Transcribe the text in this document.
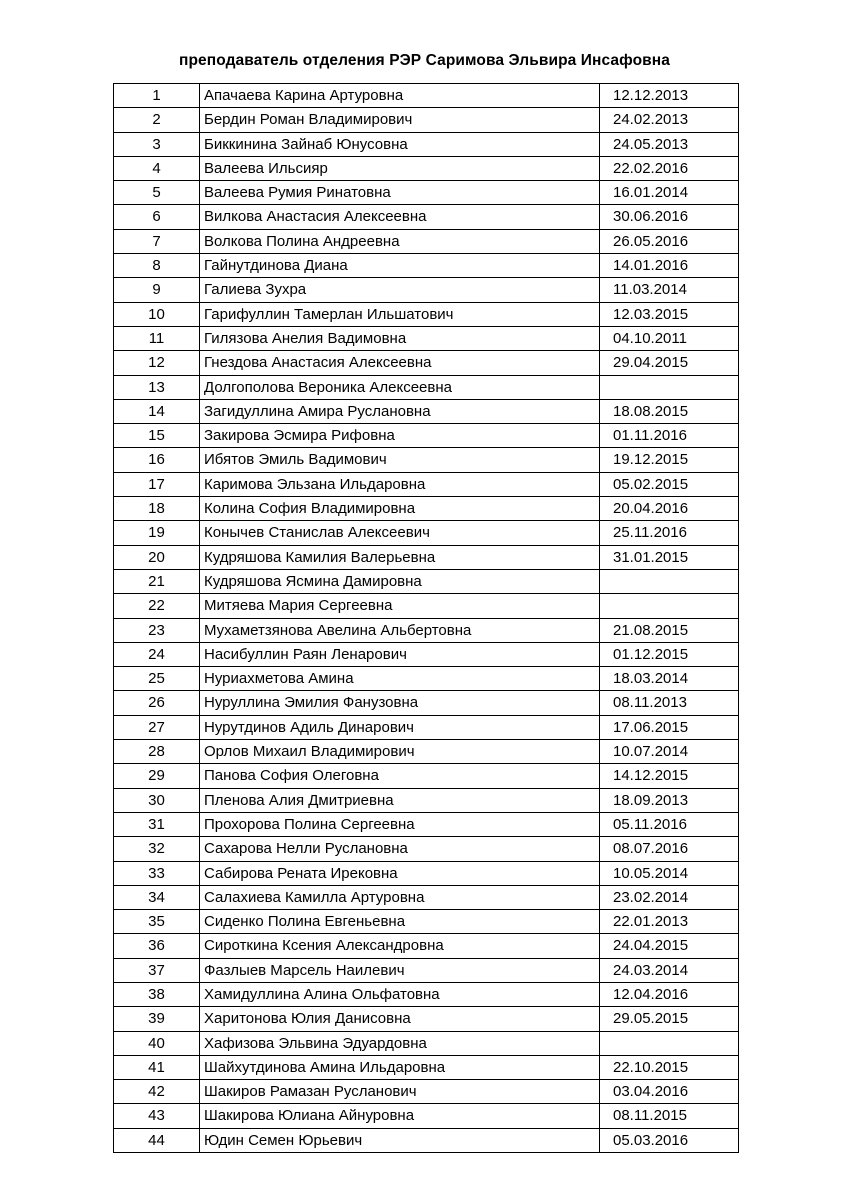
преподаватель отделения РЭР Саримова Эльвира Инсафовна
1	Апачаева Карина Артуровна	12.12.2013
2	Бердин Роман Владимирович	24.02.2013
3	Биккинина Зайнаб Юнусовна	24.05.2013
4	Валеева Ильсияр	22.02.2016
5	Валеева Румия Ринатовна	16.01.2014
6	Вилкова Анастасия Алексеевна	30.06.2016
7	Волкова Полина Андреевна	26.05.2016
8	Гайнутдинова Диана	14.01.2016
9	Галиева Зухра	11.03.2014
10	Гарифуллин Тамерлан Ильшатович	12.03.2015
11	Гилязова Анелия Вадимовна	04.10.2011
12	Гнездова Анастасия Алексеевна	29.04.2015
13	Долгополова Вероника Алексеевна	
14	Загидуллина Амира Руслановна	18.08.2015
15	Закирова Эсмира Рифовна	01.11.2016
16	Ибятов Эмиль Вадимович	19.12.2015
17	Каримова Эльзана Ильдаровна	05.02.2015
18	Колина София Владимировна	20.04.2016
19	Конычев Станислав Алексеевич	25.11.2016
20	Кудряшова Камилия Валерьевна	31.01.2015
21	Кудряшова Ясмина Дамировна	
22	Митяева Мария Сергеевна	
23	Мухаметзянова Авелина Альбертовна	21.08.2015
24	Насибуллин Раян Ленарович	01.12.2015
25	Нуриахметова Амина	18.03.2014
26	Нуруллина Эмилия Фанузовна	08.11.2013
27	Нурутдинов Адиль Динарович	17.06.2015
28	Орлов Михаил Владимирович	10.07.2014
29	Панова София Олеговна	14.12.2015
30	Пленова Алия Дмитриевна	18.09.2013
31	Прохорова Полина Сергеевна	05.11.2016
32	Сахарова Нелли Руслановна	08.07.2016
33	Сабирова Рената Ирековна	10.05.2014
34	Салахиева Камилла Артуровна	23.02.2014
35	Сиденко Полина Евгеньевна	22.01.2013
36	Сироткина Ксения Александровна	24.04.2015
37	Фазлыев Марсель Наилевич	24.03.2014
38	Хамидуллина Алина Ольфатовна	12.04.2016
39	Харитонова Юлия Данисовна	29.05.2015
40	Хафизова Эльвина Эдуардовна	
41	Шайхутдинова Амина Ильдаровна	22.10.2015
42	Шакиров Рамазан Русланович	03.04.2016
43	Шакирова Юлиана Айнуровна	08.11.2015
44	Юдин Семен Юрьевич	05.03.2016
